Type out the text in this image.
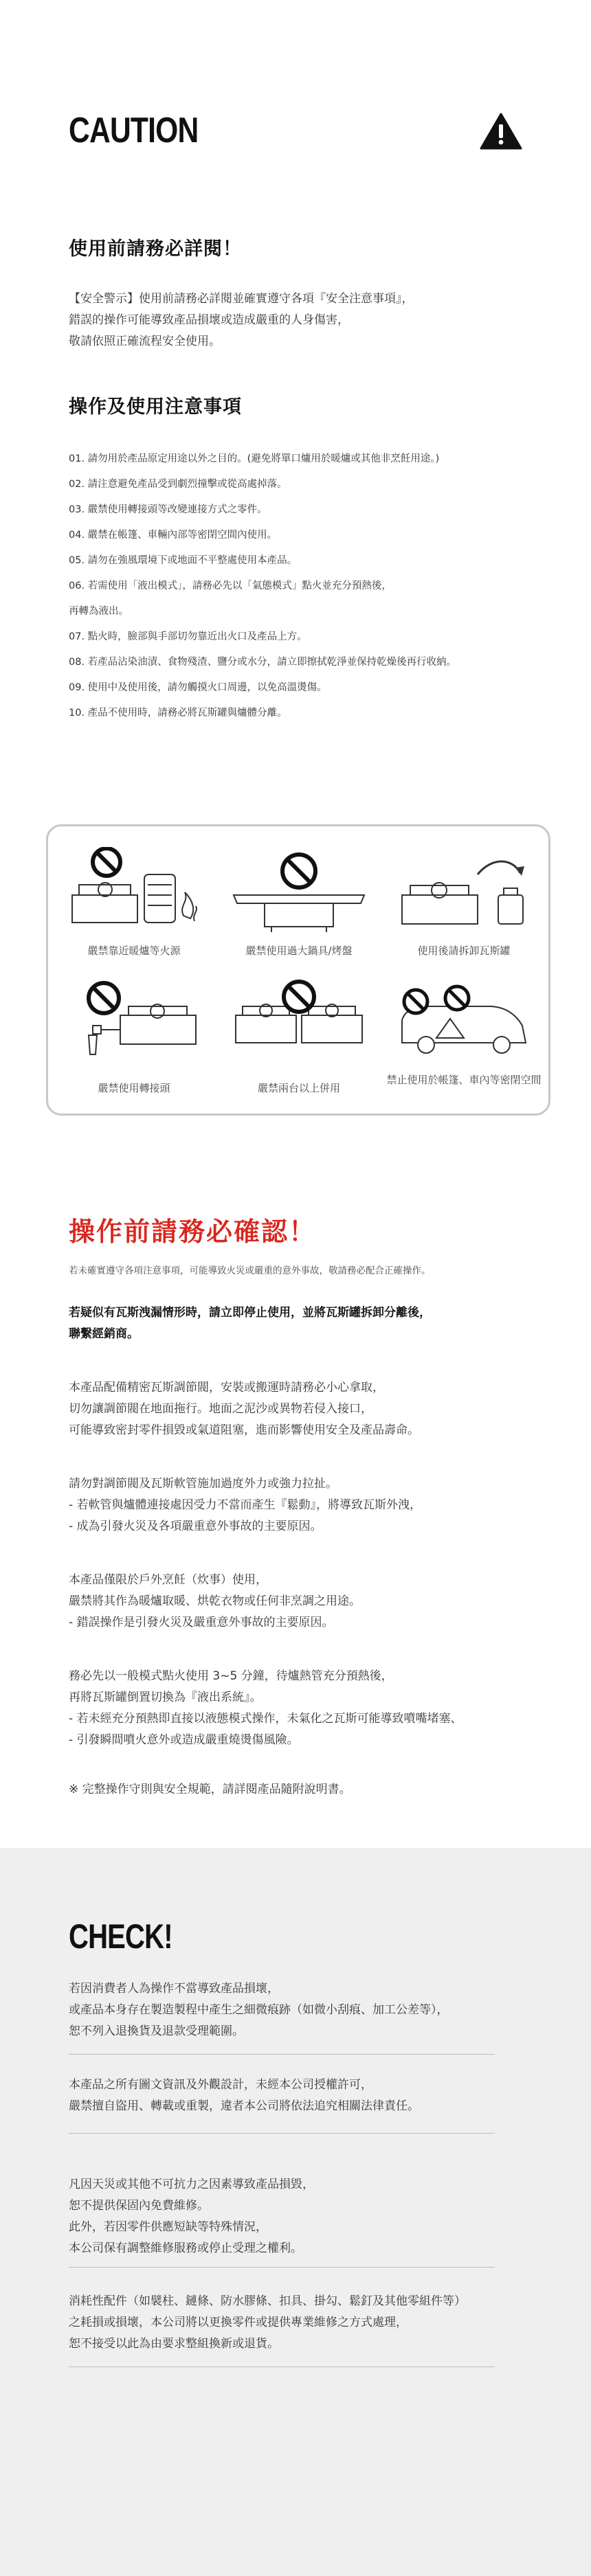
CAUTION
使用前請務必詳閱！
【安全警示】使用前請務必詳閱並確實遵守各項『安全注意事項』，
錯誤的操作可能導致產品損壞或造成嚴重的人身傷害，
敬請依照正確流程安全使用。
操作及使用注意事項
01. 請勿用於產品原定用途以外之目的。(避免將單口爐用於暖爐或其他非烹飪用途。)
02. 請注意避免產品受到劇烈撞擊或從高處掉落。
03. 嚴禁使用轉接頭等改變連接方式之零件。
04. 嚴禁在帳篷、車輛內部等密閉空間內使用。
05. 請勿在強風環境下或地面不平整處使用本產品。
06. 若需使用「液出模式」，請務必先以「氣態模式」點火並充分預熱後，
再轉為液出。
07. 點火時，臉部與手部切勿靠近出火口及產品上方。
08. 若產品沾染油漬、食物殘渣、鹽分或水分，請立即擦拭乾淨並保持乾燥後再行收納。
09. 使用中及使用後，請勿觸摸火口周邊，以免高溫燙傷。
10. 產品不使用時，請務必將瓦斯罐與爐體分離。
嚴禁靠近暖爐等火源	嚴禁使用過大鍋具/烤盤	使用後請拆卸瓦斯罐
嚴禁使用轉接頭	嚴禁兩台以上併用
禁止使用於帳篷、車內等密閉空間
操作前請務必確認！
若未確實遵守各項注意事項，可能導致火災或嚴重的意外事故，敬請務必配合正確操作。
若疑似有瓦斯洩漏情形時，請立即停止使用，並將瓦斯罐拆卸分離後，
聯繫經銷商。
本產品配備精密瓦斯調節閥，安裝或搬運時請務必小心拿取，
切勿讓調節閥在地面拖行。地面之泥沙或異物若侵入接口，
可能導致密封零件損毀或氣道阻塞，進而影響使用安全及產品壽命。
請勿對調節閥及瓦斯軟管施加過度外力或強力拉扯。
- 若軟管與爐體連接處因受力不當而產生『鬆動』，將導致瓦斯外洩，
- 成為引發火災及各項嚴重意外事故的主要原因。
本產品僅限於戶外烹飪（炊事）使用，
嚴禁將其作為暖爐取暖、烘乾衣物或任何非烹調之用途。
- 錯誤操作是引發火災及嚴重意外事故的主要原因。
務必先以一般模式點火使用 3~5 分鐘，待爐熱管充分預熱後，
再將瓦斯罐倒置切換為『液出系統』。
- 若未經充分預熱即直接以液態模式操作，未氣化之瓦斯可能導致噴嘴堵塞、
- 引發瞬間噴火意外或造成嚴重燒燙傷風險。
※ 完整操作守則與安全規範，請詳閱產品隨附說明書。
CHECK!
若因消費者人為操作不當導致產品損壞，
或產品本身存在製造製程中產生之細微痕跡（如微小刮痕、加工公差等），
恕不列入退換貨及退款受理範圍。
本產品之所有圖文資訊及外觀設計，未經本公司授權許可，
嚴禁擅自盜用、轉載或重製，違者本公司將依法追究相關法律責任。
凡因天災或其他不可抗力之因素導致產品損毀，
恕不提供保固內免費維修。
此外，若因零件供應短缺等特殊情況，
本公司保有調整維修服務或停止受理之權利。
消耗性配件（如襞柱、鏈條、防水膠條、扣具、掛勾、鬆釘及其他零組件等）
之耗損或損壞，本公司將以更換零件或提供專業維修之方式處理，
恕不接受以此為由要求整組換新或退貨。
